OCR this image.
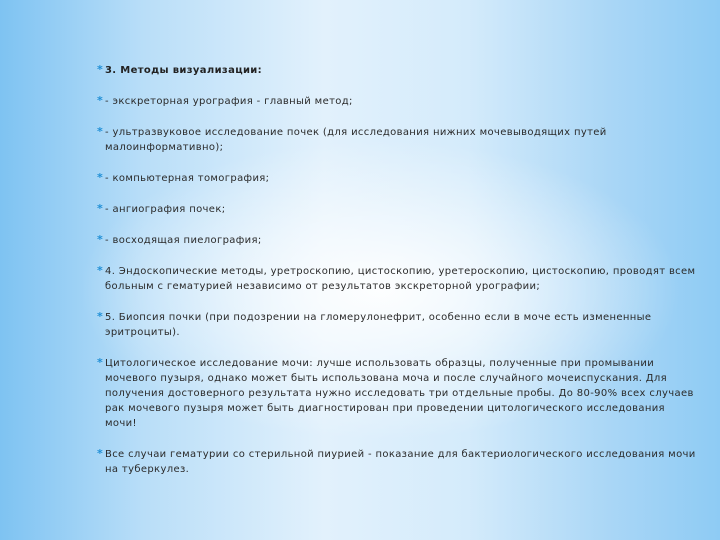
* 3. Методы визуализации:
* - экскреторная урография - главный метод;
* - ультразвуковое исследование почек (для исследования нижних мочевыводящих путей малоинформативно);
* - компьютерная томография;
* - ангиография почек;
* - восходящая пиелография;
* 4. Эндоскопические методы, уретроскопию, цистоскопию, уретероскопию, цистоскопию, проводят всем больным с гематурией независимо от результатов экскреторной урографии;
* 5. Биопсия почки (при подозрении на гломерулонефрит, особенно если в моче есть измененные эритроциты).
* Цитологическое исследование мочи: лучше использовать образцы, полученные при промывании мочевого пузыря, однако может быть использована моча и после случайного мочеиспускания. Для получения достоверного результата нужно исследовать три отдельные пробы. До 80-90% всех случаев рак мочевого пузыря может быть диагностирован при проведении цитологического исследования мочи!
* Все случаи гематурии со стерильной пиурией - показание для бактериологического исследования мочи на туберкулез.
